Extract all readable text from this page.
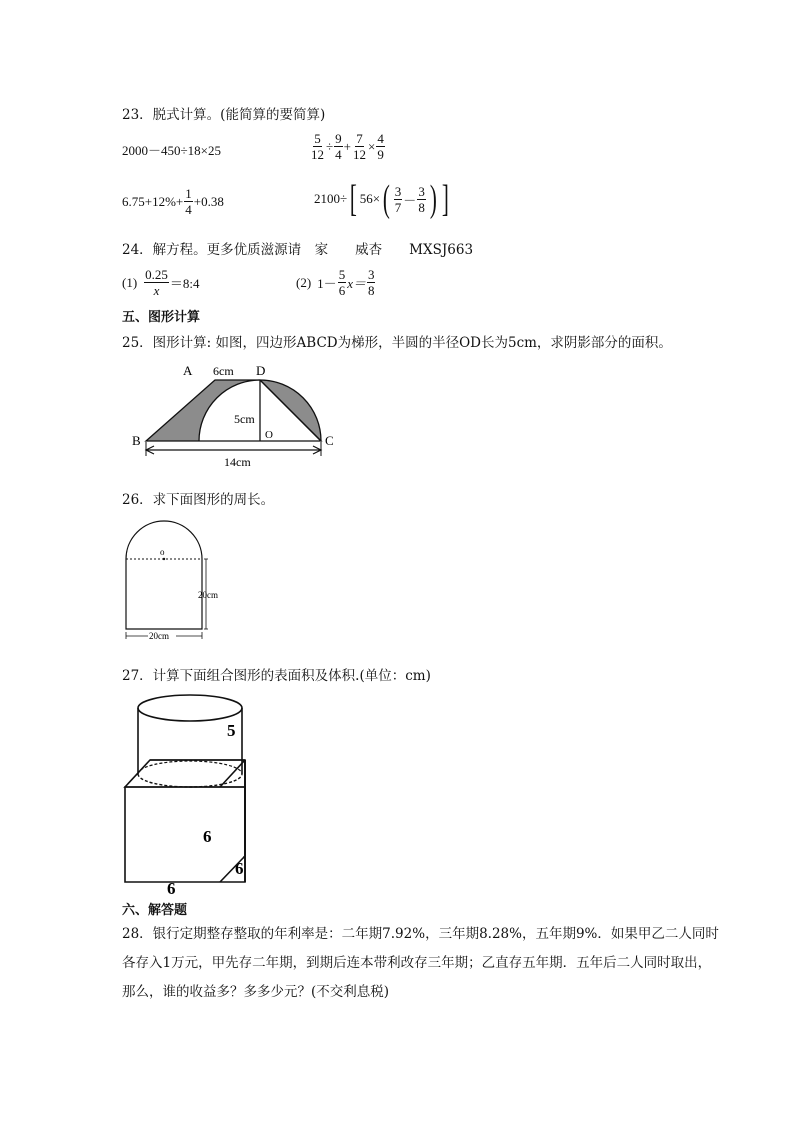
23．脱式计算。(能简算的要简算)
2000－450÷18×25	$\frac{5}{12} \div \frac{9}{4} + \frac{7}{12} \times \frac{4}{9}$
$6.75+12\%+ \frac{1}{4} +0.38$	2100÷ [ 56× ( $\frac{3}{7} - \frac{3}{8}$ ) ]
24．解方程。更多优质滋源请　家　　威杏　　MXSJ663
$(1) \frac{0.25}{x}$ ＝8:4	(2) $1- \frac{5}{6} x= \frac{3}{8}$
五、图形计算
25．图形计算: 如图，四边形ABCD为梯形，半圆的半径OD长为5cm，求阴影部分的面积。
A	D
6cm
5cm
O
B	C
14cm
26．求下面图形的周长。
o
20cm
20cm
27．计算下面组合图形的表面积及体积.(单位：cm)
5
6
6
6
六、解答题
28．银行定期整存整取的年利率是：二年期7.92%，三年期8.28%，五年期9%．如果甲乙二人同时各存入1万元，甲先存二年期，到期后连本带利改存三年期；乙直存五年期．五年后二人同时取出，那么，谁的收益多？多多少元？(不交利息税)
